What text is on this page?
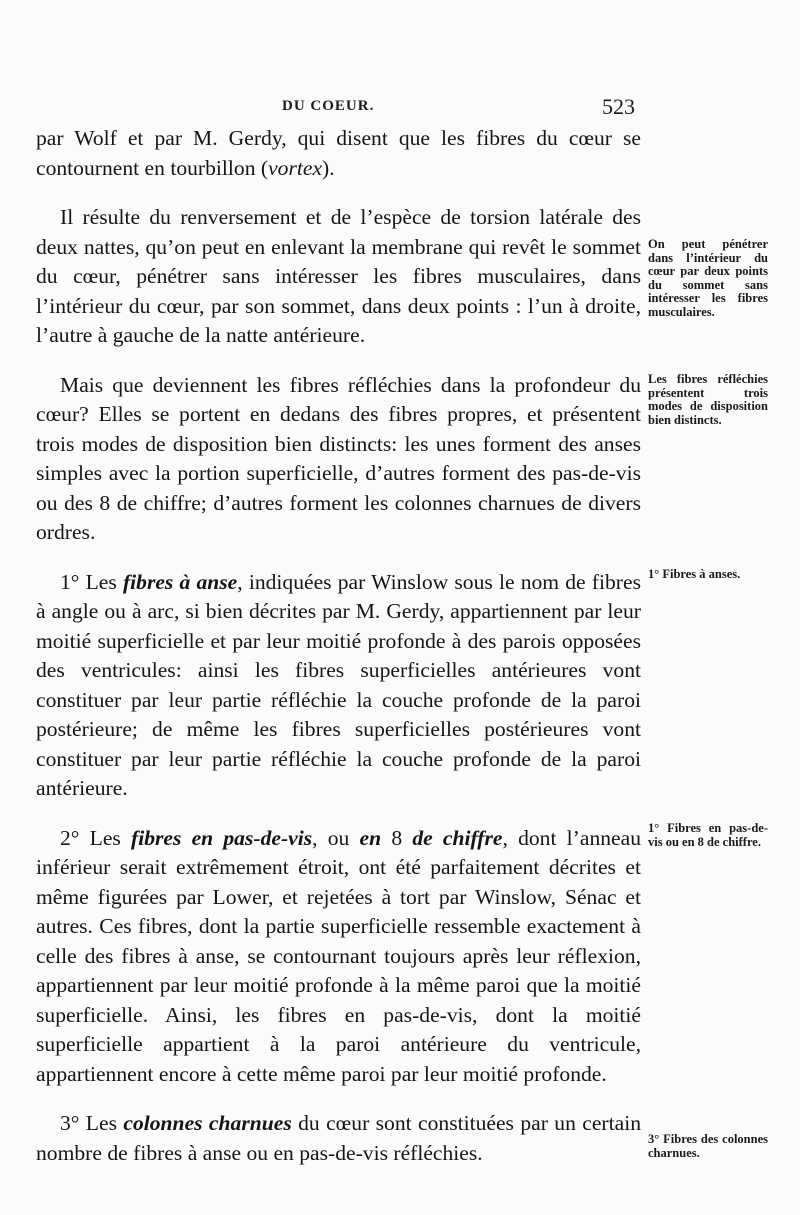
DU COEUR.	523

par Wolf et par M. Gerdy, qui disent que les fibres du cœur se contournent en tourbillon (vortex).

Il résulte du renversement et de l’espèce de torsion latérale des deux nattes, qu’on peut en enlevant la membrane qui revêt le sommet du cœur, pénétrer sans intéresser les fibres musculaires, dans l’intérieur du cœur, par son sommet, dans deux points : l’un à droite, l’autre à gauche de la natte antérieure.

Mais que deviennent les fibres réfléchies dans la profondeur du cœur? Elles se portent en dedans des fibres propres, et présentent trois modes de disposition bien distincts: les unes forment des anses simples avec la portion superficielle, d’autres forment des pas-de-vis ou des 8 de chiffre; d’autres forment les colonnes charnues de divers ordres.

1° Les fibres à anse, indiquées par Winslow sous le nom de fibres à angle ou à arc, si bien décrites par M. Gerdy, appartiennent par leur moitié superficielle et par leur moitié profonde à des parois opposées des ventricules: ainsi les fibres superficielles antérieures vont constituer par leur partie réfléchie la couche profonde de la paroi postérieure; de même les fibres superficielles postérieures vont constituer par leur partie réfléchie la couche profonde de la paroi antérieure.

2° Les fibres en pas-de-vis, ou en 8 de chiffre, dont l’anneau inférieur serait extrêmement étroit, ont été parfaitement décrites et même figurées par Lower, et rejetées à tort par Winslow, Sénac et autres. Ces fibres, dont la partie superficielle ressemble exactement à celle des fibres à anse, se contournant toujours après leur réflexion, appartiennent par leur moitié profonde à la même paroi que la moitié superficielle. Ainsi, les fibres en pas-de-vis, dont la moitié superficielle appartient à la paroi antérieure du ventricule, appartiennent encore à cette même paroi par leur moitié profonde.

3° Les colonnes charnues du cœur sont constituées par un certain nombre de fibres à anse ou en pas-de-vis réfléchies.

On peut pénétrer dans l’intérieur du cœur par deux points du sommet sans intéresser les fibres musculaires.
Les fibres réfléchies présentent trois modes de disposition bien distincts.
1° Fibres à anses.
1° Fibres en pas-de-vis ou en 8 de chiffre.
3° Fibres des colonnes charnues.
